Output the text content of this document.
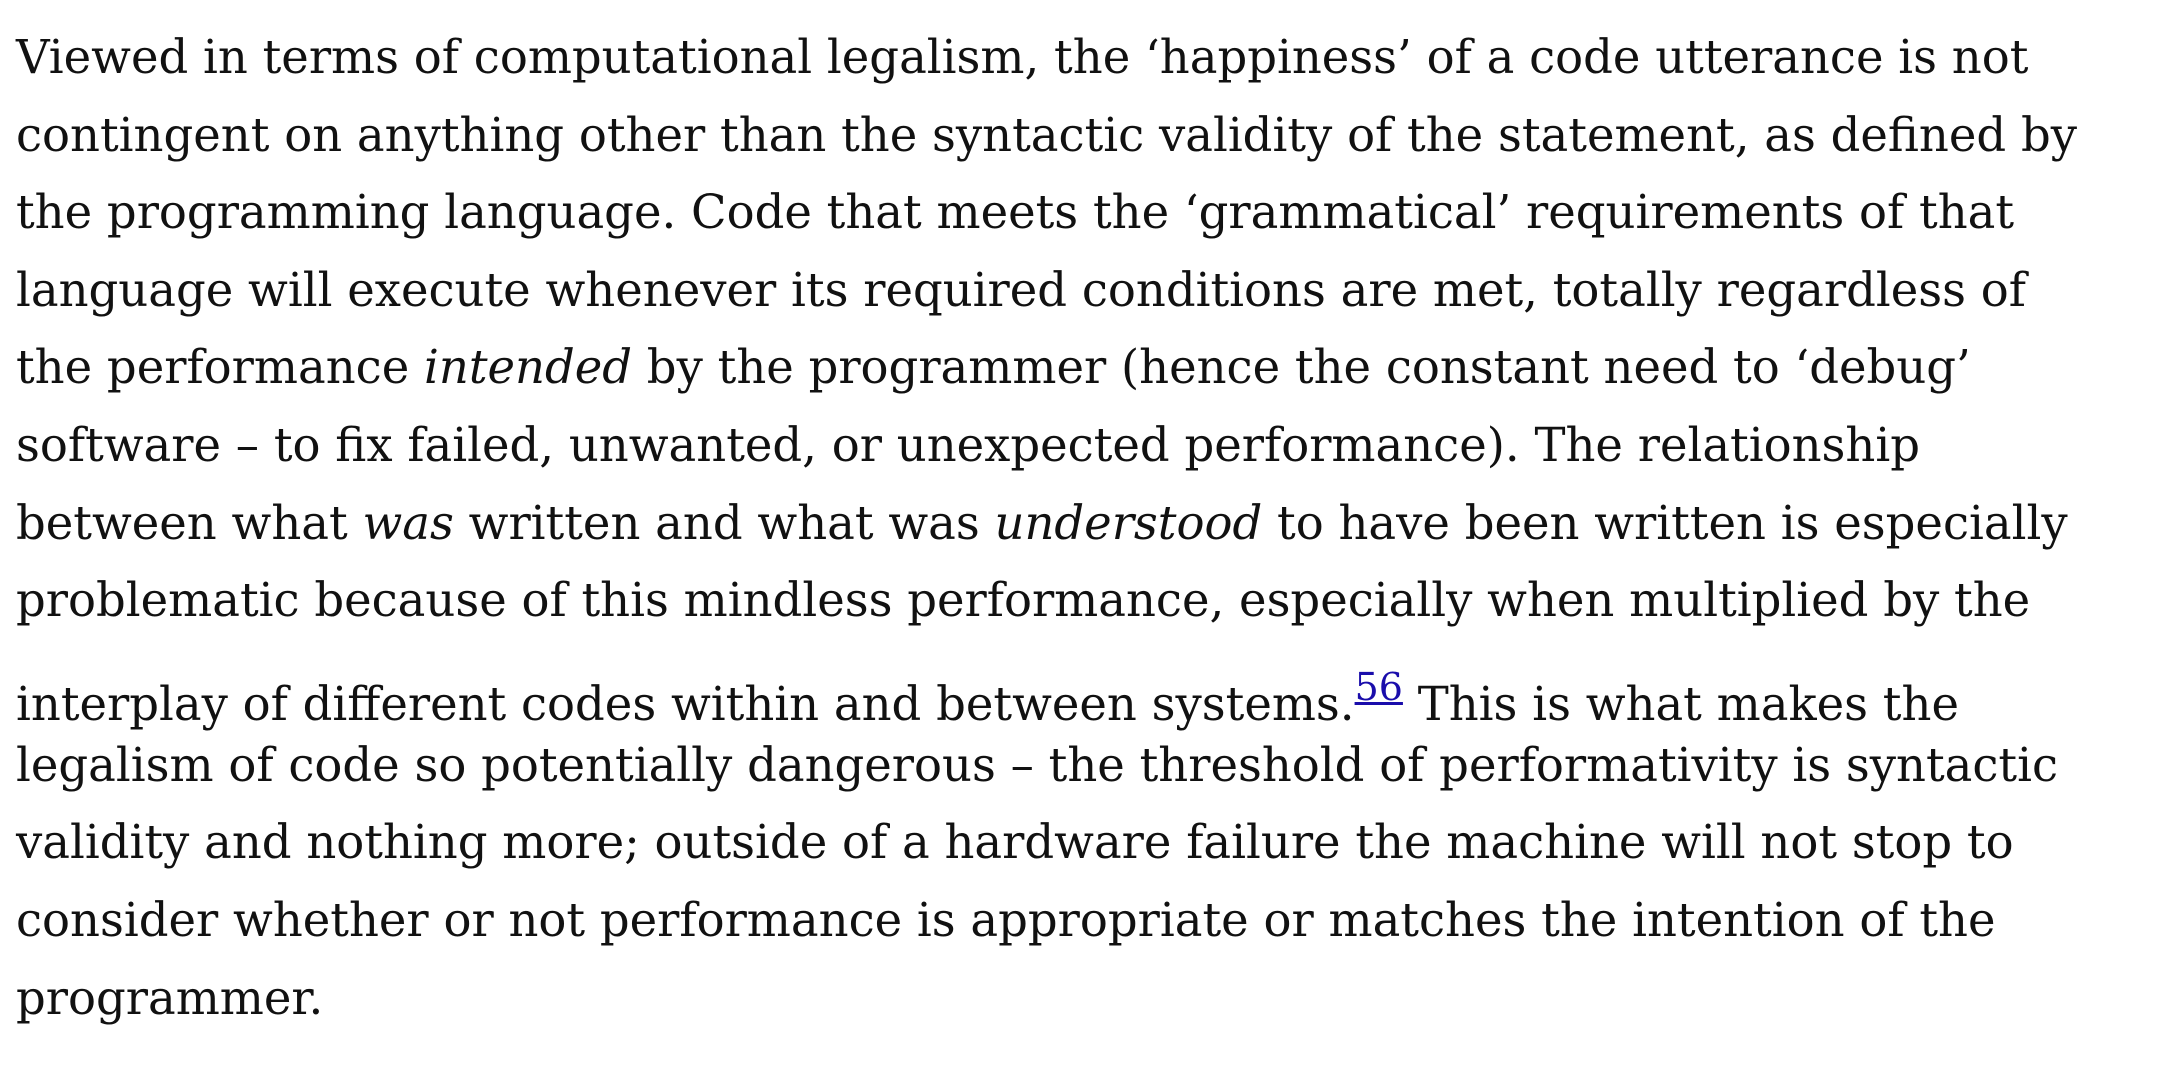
Viewed in terms of computational legalism, the ‘happiness’ of a code utterance is not
contingent on anything other than the syntactic validity of the statement, as defined by
the programming language. Code that meets the ‘grammatical’ requirements of that
language will execute whenever its required conditions are met, totally regardless of
the performance intended by the programmer (hence the constant need to ‘debug’
software – to fix failed, unwanted, or unexpected performance). The relationship
between what was written and what was understood to have been written is especially
problematic because of this mindless performance, especially when multiplied by the
interplay of different codes within and between systems.$^{56}$ This is what makes the
legalism of code so potentially dangerous – the threshold of performativity is syntactic
validity and nothing more; outside of a hardware failure the machine will not stop to
consider whether or not performance is appropriate or matches the intention of the
programmer.
